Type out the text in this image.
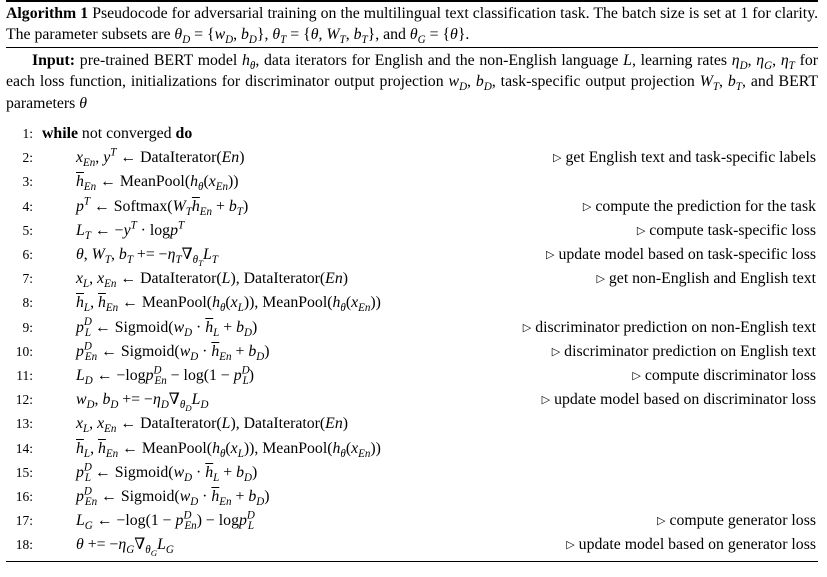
Algorithm 1 Pseudocode for adversarial training on the multilingual text classification task. The batch size is set at 1 for clarity. The parameter subsets are $\theta_D = \{w_D$, $b_D$}, $\theta_T = \{\theta$, $W_T$, $b_T$}, and $\theta_G = \{\theta\}$.
Input: pre-trained BERT model $h_\theta$, data iterators for English and the non-English language L, learning rates $\eta_D$, $\eta_G$, $\eta_T$ for each loss function, initializations for discriminator output projection $w_D$, $b_D$, task-specific output projection $W_T$, $b_T$, and BERT parameters θ
1: while not converged do
2:	$x_{En}$, $y^T$ ← DataIterator(En)	▷ get English text and task-specific labels
3:	$\overline{h}_{En}$ ← $MeanPool(h_\theta(x_{En}))$
4:	$p^T$ ← $Softmax(W_T\overline{h}_{En} + b_T)$	▷ compute the prediction for the task
5:	$L_T$ ← $-y^T \cdot \log p^T$	▷ compute task-specific loss
6:	θ, $W_T$, $b_T += -\eta_T\nabla_{\theta_T}L_T$	▷ update model based on task-specific loss
7:	$x_L$, $x_{En}$ ← DataIterator(L), DataIterator(En)	▷ get non-English and English text
8:	$\overline{h}_L$, $\overline{h}_{En}$ ← $MeanPool(h_\theta(x_L))$, $MeanPool(h_\theta(x_{En}))$
9:	$p^D_L$ ← $Sigmoid(w_D \cdot \overline{h}_L + b_D)$	▷ discriminator prediction on non-English text
10:	$p^D_{En}$ ← $Sigmoid(w_D \cdot \overline{h}_{En} + b_D)$	▷ discriminator prediction on English text
11:	$L_D$ ← $-\log p^D_{En} - \log(1 - p^D_L)$	▷ compute discriminator loss
12:	$w_D$, $b_D += -\eta_D\nabla_{\theta_D}L_D$	▷ update model based on discriminator loss
13:	$x_L$, $x_{En}$ ← DataIterator(L), DataIterator(En)
14:	$\overline{h}_L$, $\overline{h}_{En}$ ← $MeanPool(h_\theta(x_L))$, $MeanPool(h_\theta(x_{En}))$
15:	$p^D_L$ ← $Sigmoid(w_D \cdot \overline{h}_L + b_D)$
16:	$p^D_{En}$ ← $Sigmoid(w_D \cdot \overline{h}_{En} + b_D)$
17:	$L_G$ ← $-\log(1 - p^D_{En}) - \log p^D_L$	▷ compute generator loss
18:	$\theta += -\eta_G\nabla_{\theta_G}L_G$	▷ update model based on generator loss
